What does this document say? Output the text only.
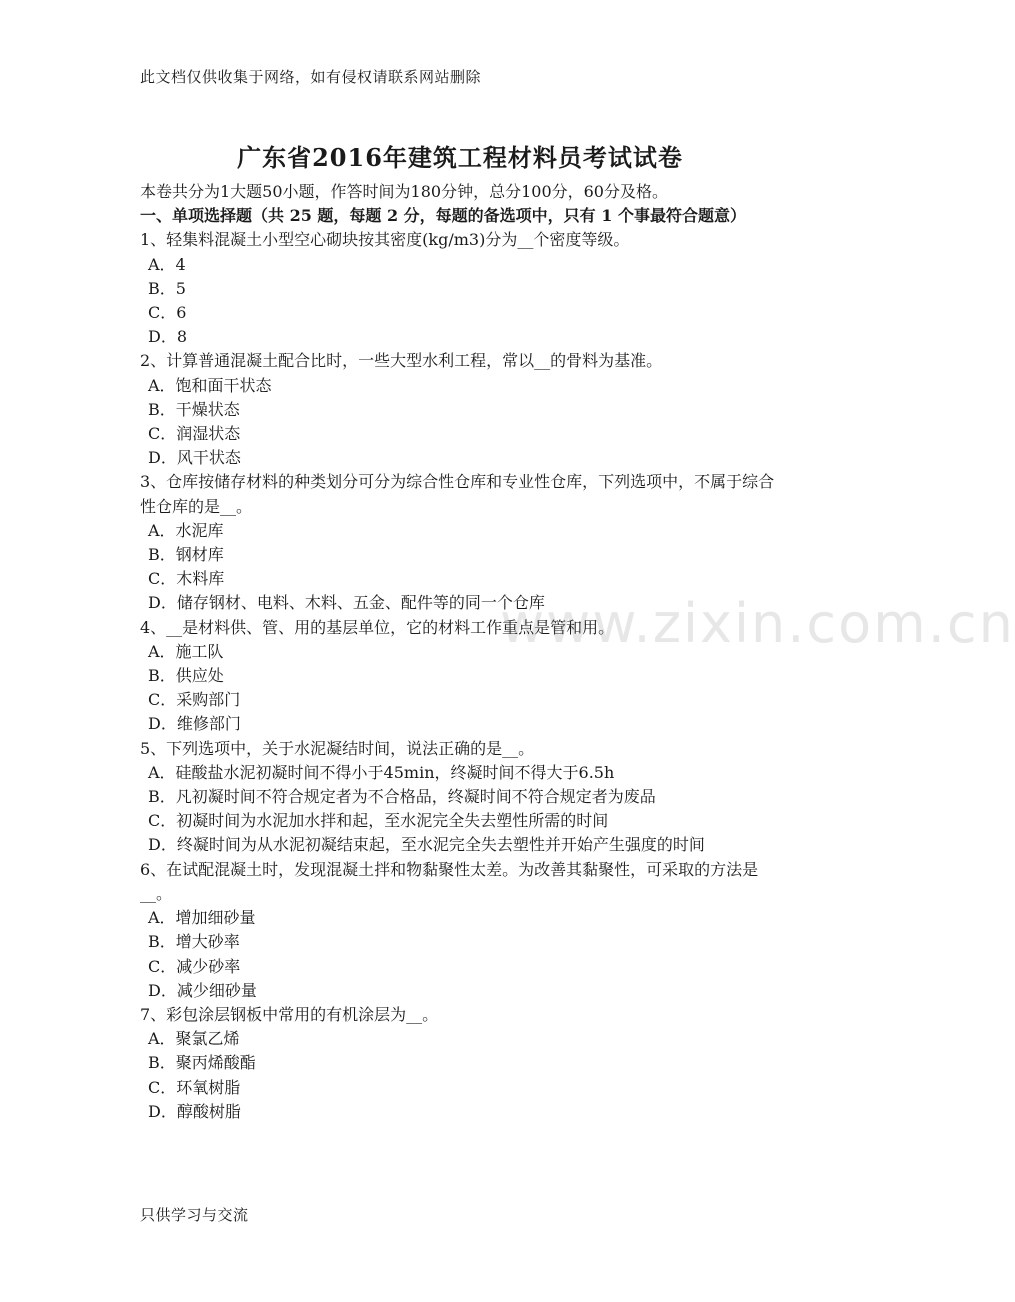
此文档仅供收集于网络，如有侵权请联系网站删除
广东省2016年建筑工程材料员考试试卷
本卷共分为1大题50小题，作答时间为180分钟，总分100分，60分及格。
一、单项选择题（共 25 题，每题 2 分，每题的备选项中，只有 1 个事最符合题意）
1、轻集料混凝土小型空心砌块按其密度(kg/m3)分为__个密度等级。
A．4
B．5
C．6
D．8
2、计算普通混凝土配合比时，一些大型水利工程，常以__的骨料为基准。
A．饱和面干状态
B．干燥状态
C．润湿状态
D．风干状态
3、仓库按储存材料的种类划分可分为综合性仓库和专业性仓库，下列选项中，不属于综合性仓库的是__。
A．水泥库
B．钢材库
C．木料库
D．储存钢材、电料、木料、五金、配件等的同一个仓库
4、__是材料供、管、用的基层单位，它的材料工作重点是管和用。
A．施工队
B．供应处
C．采购部门
D．维修部门
5、下列选项中，关于水泥凝结时间，说法正确的是__。
A．硅酸盐水泥初凝时间不得小于45min，终凝时间不得大于6.5h
B．凡初凝时间不符合规定者为不合格品，终凝时间不符合规定者为废品
C．初凝时间为水泥加水拌和起，至水泥完全失去塑性所需的时间
D．终凝时间为从水泥初凝结束起，至水泥完全失去塑性并开始产生强度的时间
6、在试配混凝土时，发现混凝土拌和物黏聚性太差。为改善其黏聚性，可采取的方法是__。
A．增加细砂量
B．增大砂率
C．减少砂率
D．减少细砂量
7、彩包涂层钢板中常用的有机涂层为__。
A．聚氯乙烯
B．聚丙烯酸酯
C．环氧树脂
D．醇酸树脂
www.zixin.com.cn
只供学习与交流
